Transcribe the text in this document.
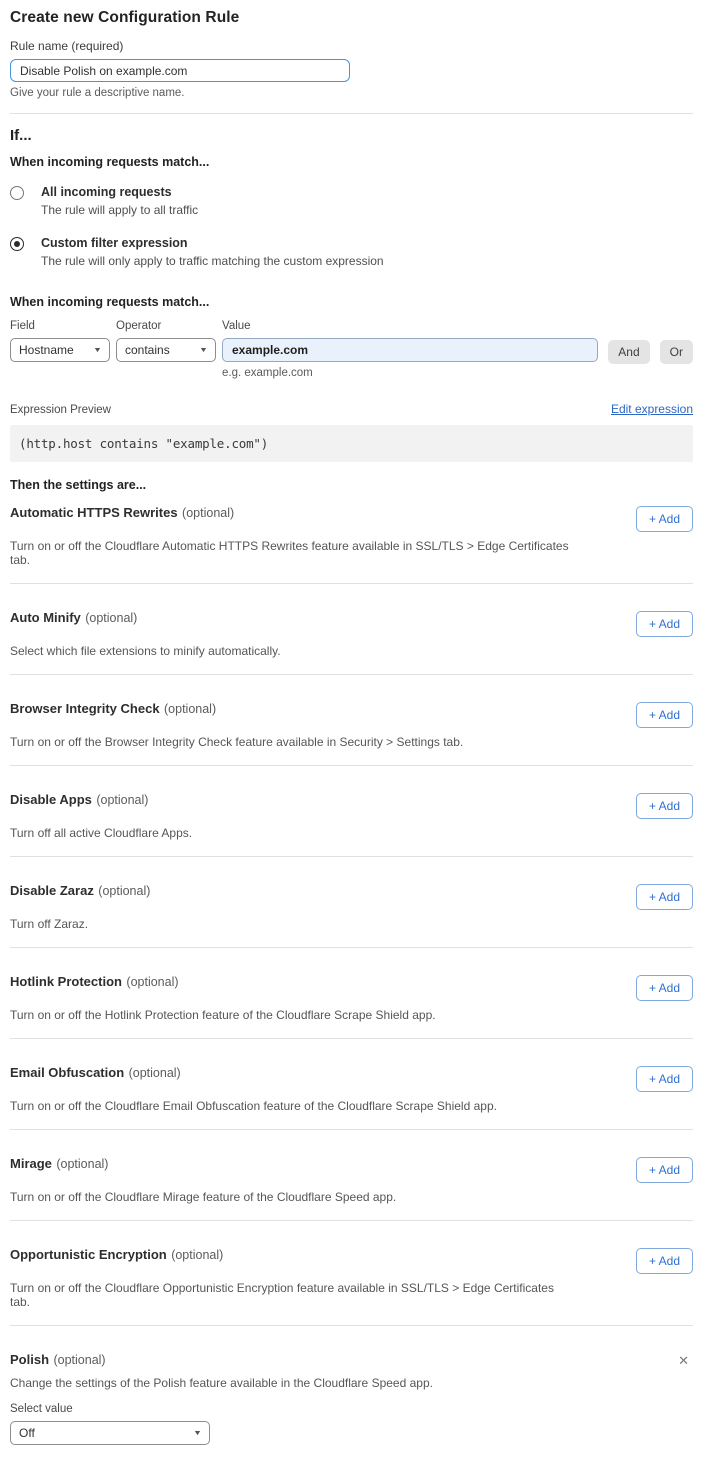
Create new Configuration Rule
Rule name (required)
Disable Polish on example.com
Give your rule a descriptive name.
If...
When incoming requests match...
All incoming requests
The rule will apply to all traffic
Custom filter expression
The rule will only apply to traffic matching the custom expression
When incoming requests match...
Field
Hostname	▼
Operator
contains	▼
Value
example.com
e.g. example.com
And	Or
Expression Preview	Edit expression
(http.host contains "example.com")
Then the settings are...
Automatic HTTPS Rewrites (optional)	+ Add
Turn on or off the Cloudflare Automatic HTTPS Rewrites feature available in SSL/TLS > Edge Certificates tab.
Auto Minify (optional)	+ Add
Select which file extensions to minify automatically.
Browser Integrity Check (optional)	+ Add
Turn on or off the Browser Integrity Check feature available in Security > Settings tab.
Disable Apps (optional)	+ Add
Turn off all active Cloudflare Apps.
Disable Zaraz (optional)	+ Add
Turn off Zaraz.
Hotlink Protection (optional)	+ Add
Turn on or off the Hotlink Protection feature of the Cloudflare Scrape Shield app.
Email Obfuscation (optional)	+ Add
Turn on or off the Cloudflare Email Obfuscation feature of the Cloudflare Scrape Shield app.
Mirage (optional)	+ Add
Turn on or off the Cloudflare Mirage feature of the Cloudflare Speed app.
Opportunistic Encryption (optional)	+ Add
Turn on or off the Cloudflare Opportunistic Encryption feature available in SSL/TLS > Edge Certificates tab.
Polish (optional)	✕
Change the settings of the Polish feature available in the Cloudflare Speed app.
Select value
Off	▼
